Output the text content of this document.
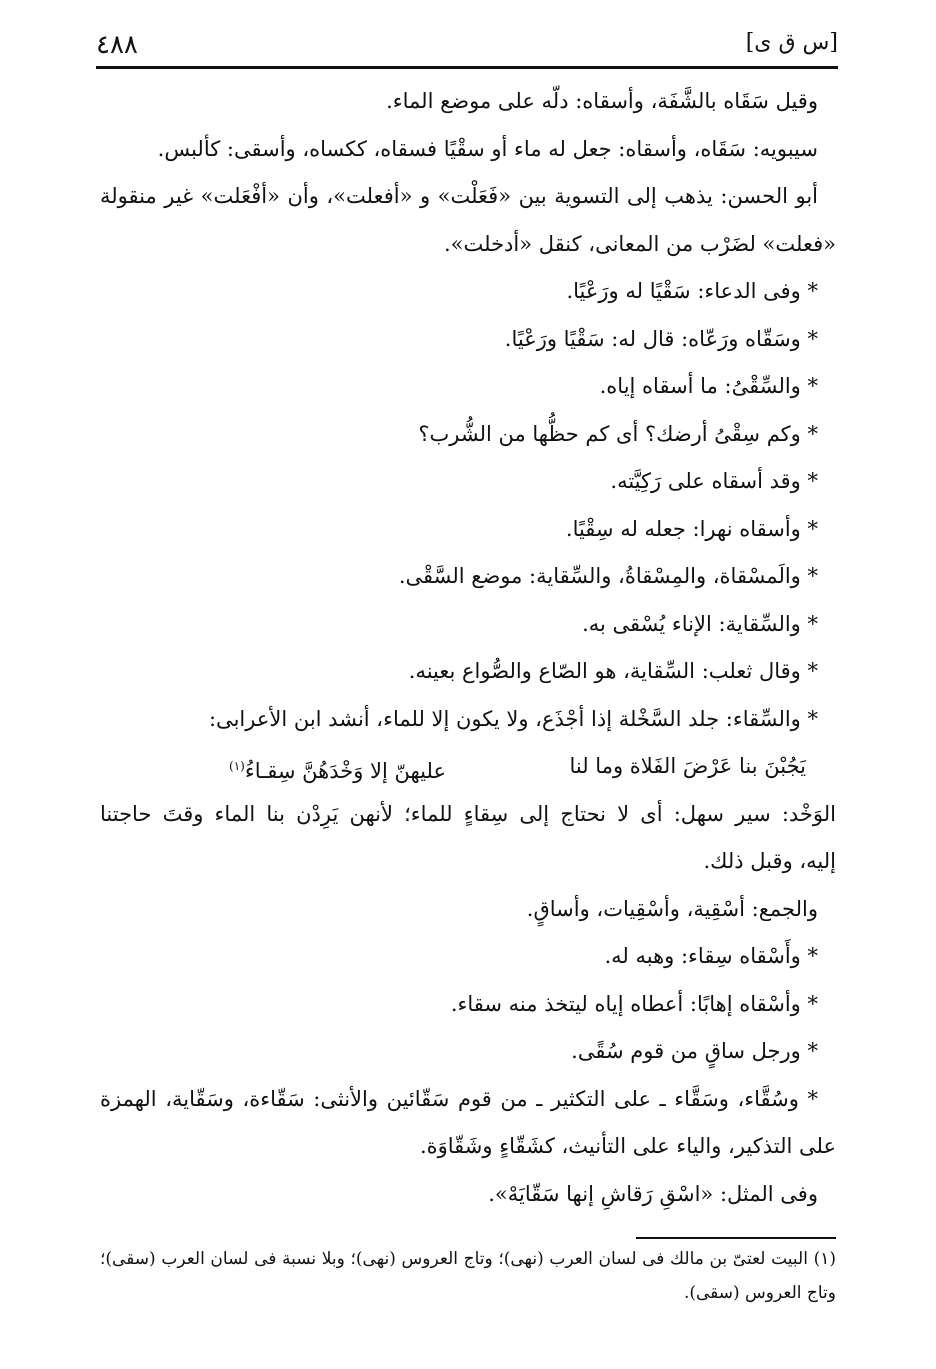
٤٨٨	[س ق ى]
وقيل سَقَاه بالشَّفَة، وأسقاه: دلّه على موضع الماء.
سيبويه: سَقَاه، وأسقاه: جعل له ماء أو سقْيًا فسقاه، ككساه، وأسقى: كألبس.
أبو الحسن: يذهب إلى التسوية بين «فَعَلْت» و «أفعلت»، وأن «أفْعَلت» غير منقولة
«فعلت» لضَرْب من المعانى، كنقل «أدخلت».
* وفى الدعاء: سَقْيًا له ورَعْيًا.
* وسَقّاه ورَعّاه: قال له: سَقْيًا ورَعْيًا.
* والسِّقْىُ: ما أسقاه إياه.
* وكم سِقْىُ أرضك؟ أى كم حظُّها من الشُّرب؟
* وقد أسقاه على رَكِيَّته.
* وأسقاه نهرا: جعله له سِقْيًا.
* والَمسْقاة، والمِسْقاةُ، والسِّقاية: موضع السَّقْى.
* والسِّقاية: الإناء يُسْقى به.
* وقال ثعلب: السِّقاية، هو الصّاع والصُّواع بعينه.
* والسِّقاء: جلد السَّخْلة إذا أجْذَع، ولا يكون إلا للماء، أنشد ابن الأعرابى:
يَجُبْنَ بنا عَرْضَ الفَلاة وما لنا
عليهنّ إلا وَخْدَهُنَّ سِقـاءُ$^{(١)}$
الوَخْد: سير سهل: أى لا نحتاج إلى سِقاءٍ للماء؛ لأنهن يَرِدْن بنا الماء وقتَ حاجتنا
إليه، وقبل ذلك.
والجمع: أسْقِية، وأسْقِيات، وأساقٍ.
* وأَسْقاه سِقاء: وهبه له.
* وأسْقاه إهابًا: أعطاه إياه ليتخذ منه سقاء.
* ورجل ساقٍ من قوم سُقًى.
* وسُقَّاء، وسَقَّاء ـ على التكثير ـ من قوم سَقّائين والأنثى: سَقّاءة، وسَقّاية، الهمزة
على التذكير، والياء على التأنيث، كشَقّاءٍ وشَقّاوَة.
وفى المثل: «اسْقِ رَقاشِ إنها سَقّايَهْ».
(١) البيت لعتىّ بن مالك فى لسان العرب (نهى)؛ وتاج العروس (نهى)؛ وبلا نسبة فى لسان العرب (سقى)؛
وتاج العروس (سقى).
